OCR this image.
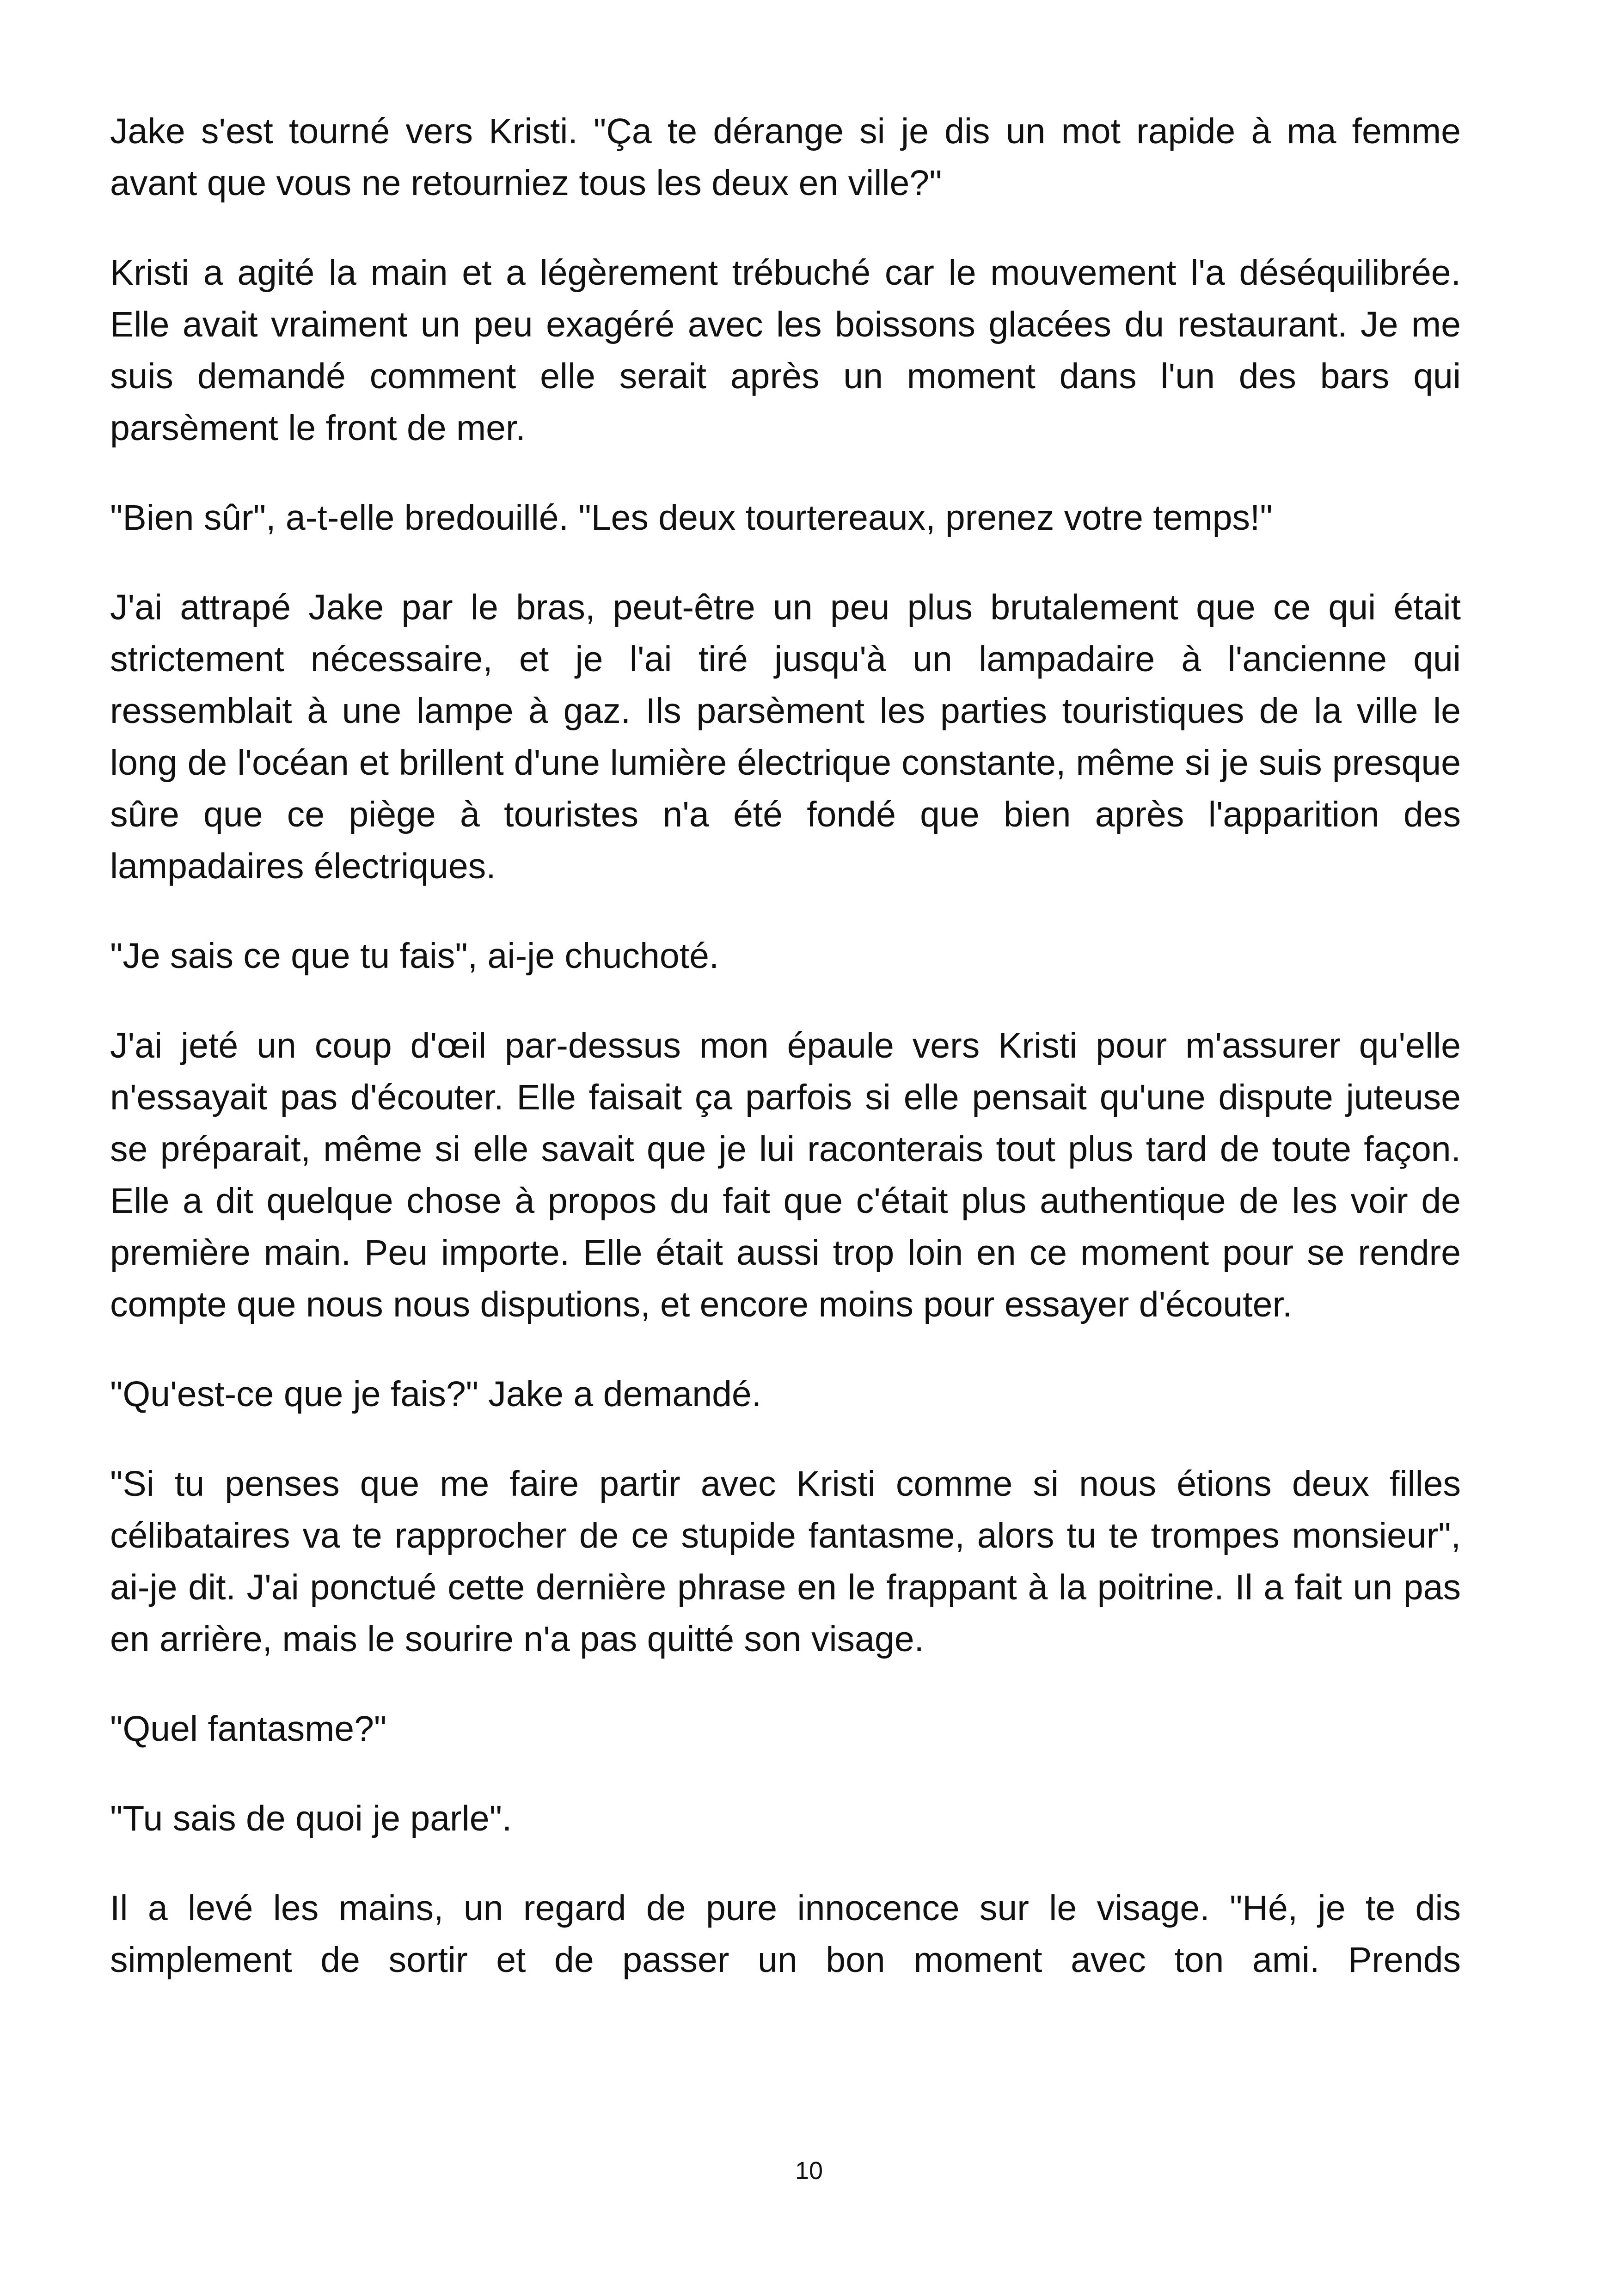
Jake s'est tourné vers Kristi. "Ça te dérange si je dis un mot rapide à ma femme avant que vous ne retourniez tous les deux en ville?"

Kristi a agité la main et a légèrement trébuché car le mouvement l'a déséquilibrée. Elle avait vraiment un peu exagéré avec les boissons glacées du restaurant. Je me suis demandé comment elle serait après un moment dans l'un des bars qui parsèment le front de mer.

"Bien sûr", a-t-elle bredouillé. "Les deux tourtereaux, prenez votre temps!"

J'ai attrapé Jake par le bras, peut-être un peu plus brutalement que ce qui était strictement nécessaire, et je l'ai tiré jusqu'à un lampadaire à l'ancienne qui ressemblait à une lampe à gaz. Ils parsèment les parties touristiques de la ville le long de l'océan et brillent d'une lumière électrique constante, même si je suis presque sûre que ce piège à touristes n'a été fondé que bien après l'apparition des lampadaires électriques.

"Je sais ce que tu fais", ai-je chuchoté.

J'ai jeté un coup d'œil par-dessus mon épaule vers Kristi pour m'assurer qu'elle n'essayait pas d'écouter. Elle faisait ça parfois si elle pensait qu'une dispute juteuse se préparait, même si elle savait que je lui raconterais tout plus tard de toute façon. Elle a dit quelque chose à propos du fait que c'était plus authentique de les voir de première main. Peu importe. Elle était aussi trop loin en ce moment pour se rendre compte que nous nous disputions, et encore moins pour essayer d'écouter.

"Qu'est-ce que je fais?" Jake a demandé.

"Si tu penses que me faire partir avec Kristi comme si nous étions deux filles célibataires va te rapprocher de ce stupide fantasme, alors tu te trompes monsieur", ai-je dit. J'ai ponctué cette dernière phrase en le frappant à la poitrine. Il a fait un pas en arrière, mais le sourire n'a pas quitté son visage.

"Quel fantasme?"

"Tu sais de quoi je parle".

Il a levé les mains, un regard de pure innocence sur le visage. "Hé, je te dis simplement de sortir et de passer un bon moment avec ton ami. Prends

10
